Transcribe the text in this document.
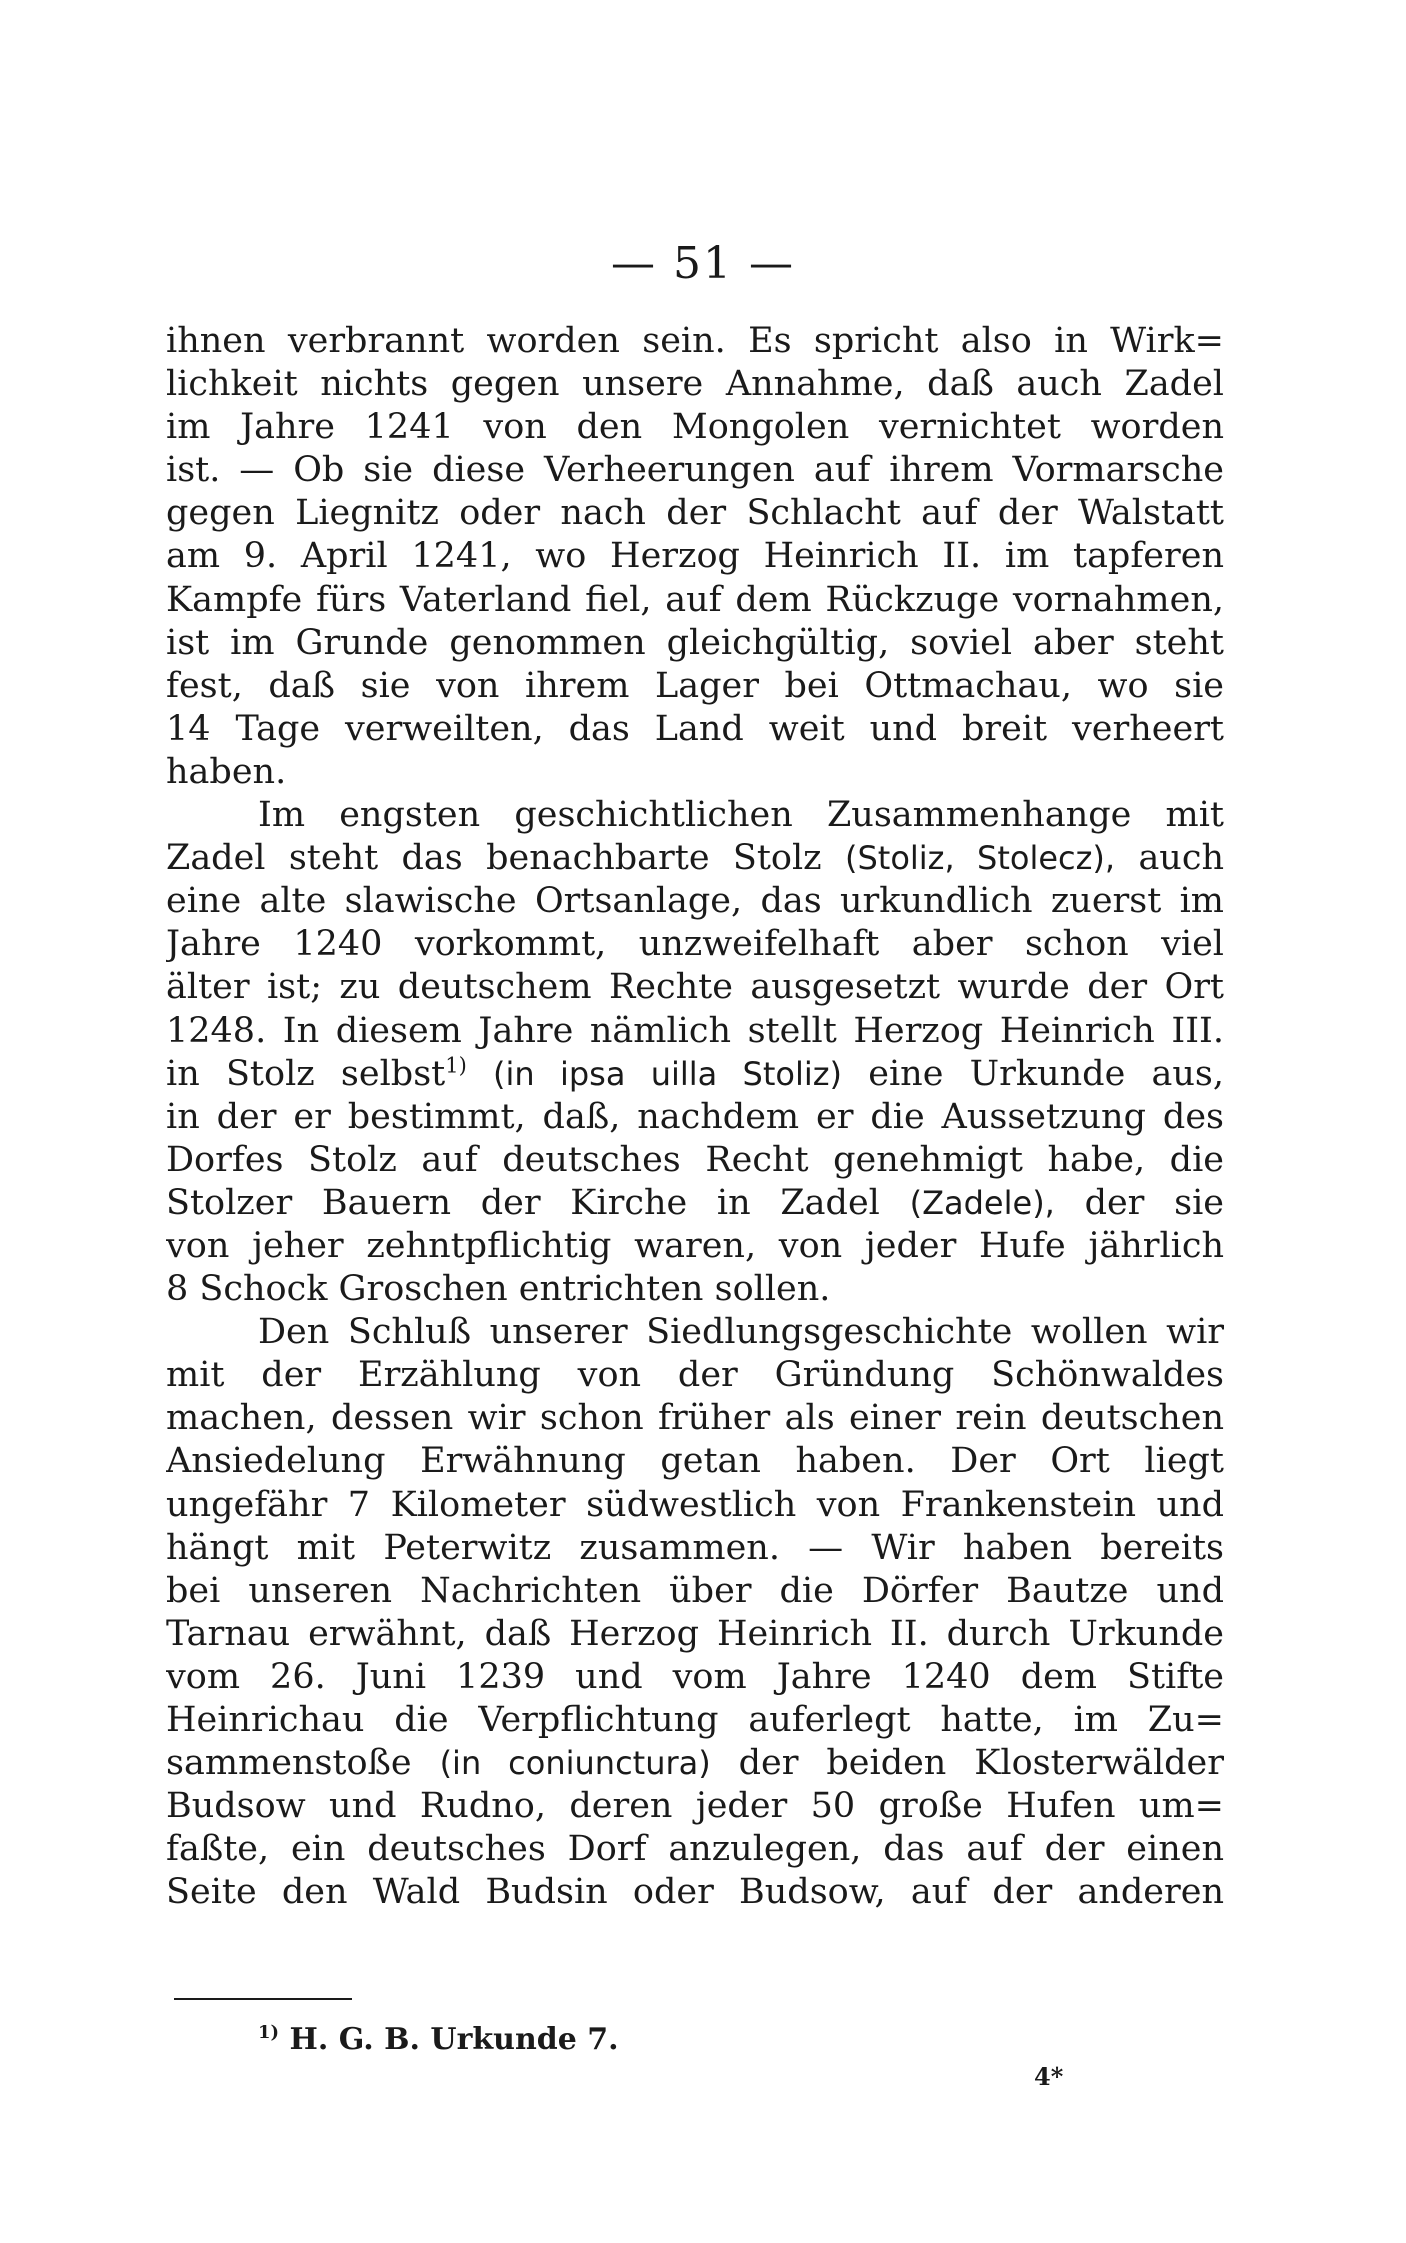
— 51 —
ihnen verbrannt worden sein. Es spricht also in Wirk=
lichkeit nichts gegen unsere Annahme, daß auch Zadel
im Jahre 1241 von den Mongolen vernichtet worden
ist. — Ob sie diese Verheerungen auf ihrem Vormarsche
gegen Liegnitz oder nach der Schlacht auf der Walstatt
am 9. April 1241, wo Herzog Heinrich II. im tapferen
Kampfe fürs Vaterland fiel, auf dem Rückzuge vornahmen,
ist im Grunde genommen gleichgültig, soviel aber steht
fest, daß sie von ihrem Lager bei Ottmachau, wo sie
14 Tage verweilten, das Land weit und breit verheert
haben.
Im engsten geschichtlichen Zusammenhange mit
Zadel steht das benachbarte Stolz (Stoliz, Stolecz), auch
eine alte slawische Ortsanlage, das urkundlich zuerst im
Jahre 1240 vorkommt, unzweifelhaft aber schon viel
älter ist; zu deutschem Rechte ausgesetzt wurde der Ort
1248. In diesem Jahre nämlich stellt Herzog Heinrich III.
in Stolz selbst$^{1)}$ (in ipsa uilla Stoliz) eine Urkunde aus,
in der er bestimmt, daß, nachdem er die Aussetzung des
Dorfes Stolz auf deutsches Recht genehmigt habe, die
Stolzer Bauern der Kirche in Zadel (Zadele), der sie
von jeher zehntpflichtig waren, von jeder Hufe jährlich
8 Schock Groschen entrichten sollen.
Den Schluß unserer Siedlungsgeschichte wollen wir
mit der Erzählung von der Gründung Schönwaldes
machen, dessen wir schon früher als einer rein deutschen
Ansiedelung Erwähnung getan haben. Der Ort liegt
ungefähr 7 Kilometer südwestlich von Frankenstein und
hängt mit Peterwitz zusammen. — Wir haben bereits
bei unseren Nachrichten über die Dörfer Bautze und
Tarnau erwähnt, daß Herzog Heinrich II. durch Urkunde
vom 26. Juni 1239 und vom Jahre 1240 dem Stifte
Heinrichau die Verpflichtung auferlegt hatte, im Zu=
sammenstoße (in coniunctura) der beiden Klosterwälder
Budsow und Rudno, deren jeder 50 große Hufen um=
faßte, ein deutsches Dorf anzulegen, das auf der einen
Seite den Wald Budsin oder Budsow, auf der anderen
$^{1)}$ H. G. B. Urkunde 7.
4*
